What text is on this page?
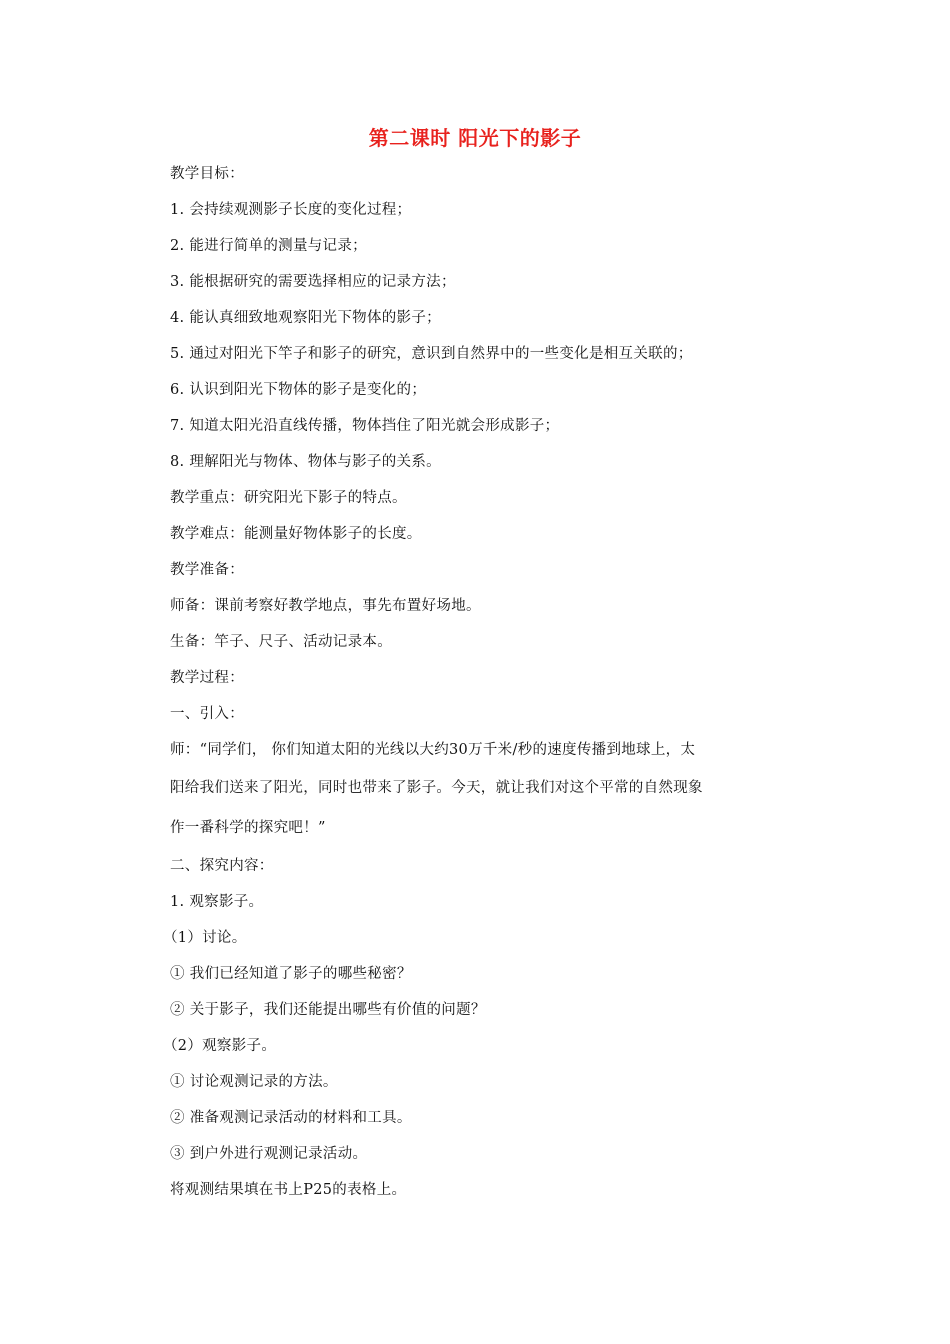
第二课时 阳光下的影子
教学目标：
1. 会持续观测影子长度的变化过程；
2. 能进行简单的测量与记录；
3. 能根据研究的需要选择相应的记录方法；
4. 能认真细致地观察阳光下物体的影子；
5. 通过对阳光下竿子和影子的研究，意识到自然界中的一些变化是相互关联的；
6. 认识到阳光下物体的影子是变化的；
7. 知道太阳光沿直线传播，物体挡住了阳光就会形成影子；
8. 理解阳光与物体、物体与影子的关系。
教学重点：研究阳光下影子的特点。
教学难点：能测量好物体影子的长度。
教学准备：
师备：课前考察好教学地点，事先布置好场地。
生备：竿子、尺子、活动记录本。
教学过程：
一、引入：
师：“同学们， 你们知道太阳的光线以大约30万千米/秒的速度传播到地球上，太
阳给我们送来了阳光，同时也带来了影子。今天，就让我们对这个平常的自然现象
作一番科学的探究吧！”
二、探究内容：
1. 观察影子。
（1）讨论。
① 我们已经知道了影子的哪些秘密？
② 关于影子，我们还能提出哪些有价值的问题？
（2）观察影子。
① 讨论观测记录的方法。
② 准备观测记录活动的材料和工具。
③ 到户外进行观测记录活动。
将观测结果填在书上P25的表格上。
